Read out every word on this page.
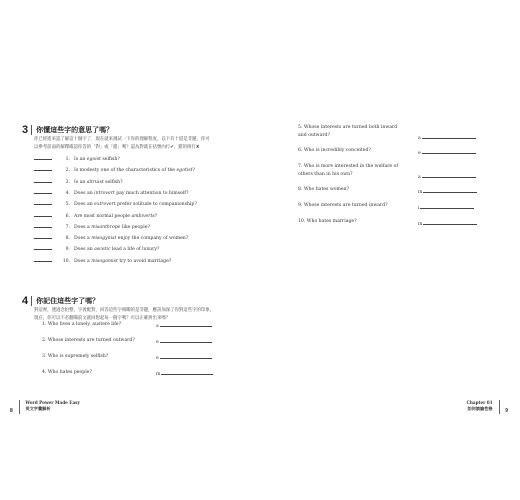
3 你懂這些字的意思了嗎？
你已經進來認了解這十個字了，現在就來測試一下你的理解程度，以下有十道是非題，你可
以參考前面的解釋確認你答的「對」或「錯」嗎？認為對就在括號內打✔，錯的則打✘
1. Is an egoist selfish?
2. Is modesty one of the characteristics of the egotist ?
3. Is an altruist selfish?
4. Does an introvert pay much attention to himself?
5. Does an extrovert prefer solitude to companionship?
6. Are most normal people ambiverts ?
7. Does a misanthrope like people?
8. Does a misogynist enjoy the company of women?
9. Does an ascetic lead a life of luxury?
10. Does a misogamist try to avoid marriage?
4 你記住這些字了嗎？
對這裡，透過念拍整、字義配對，回答這些字相關的是非題，應該加深了你對這些字的印象，
現在，你可以不必翻閱前文就回想起每一個字嗎？可以正確拼出來嗎？
1. Who lives a lonely, austere life?	a
2. Whose interests are turned outward?	e
3. Who is supremely selfish?	e
4. Who hates people?	m
8
Word Power Made Easy
英文字彙解析
5. Whose interests are turned both inward
and outward?
a
6. Who is incredibly conceited?
e
7. Who is more interested in the welfare of
others than in his own?
a
8. Who hates women?
m
9. Whose interests are turned inward?
i
10. Who hates marriage?
m
Chapter 01
如何談論性格	9
